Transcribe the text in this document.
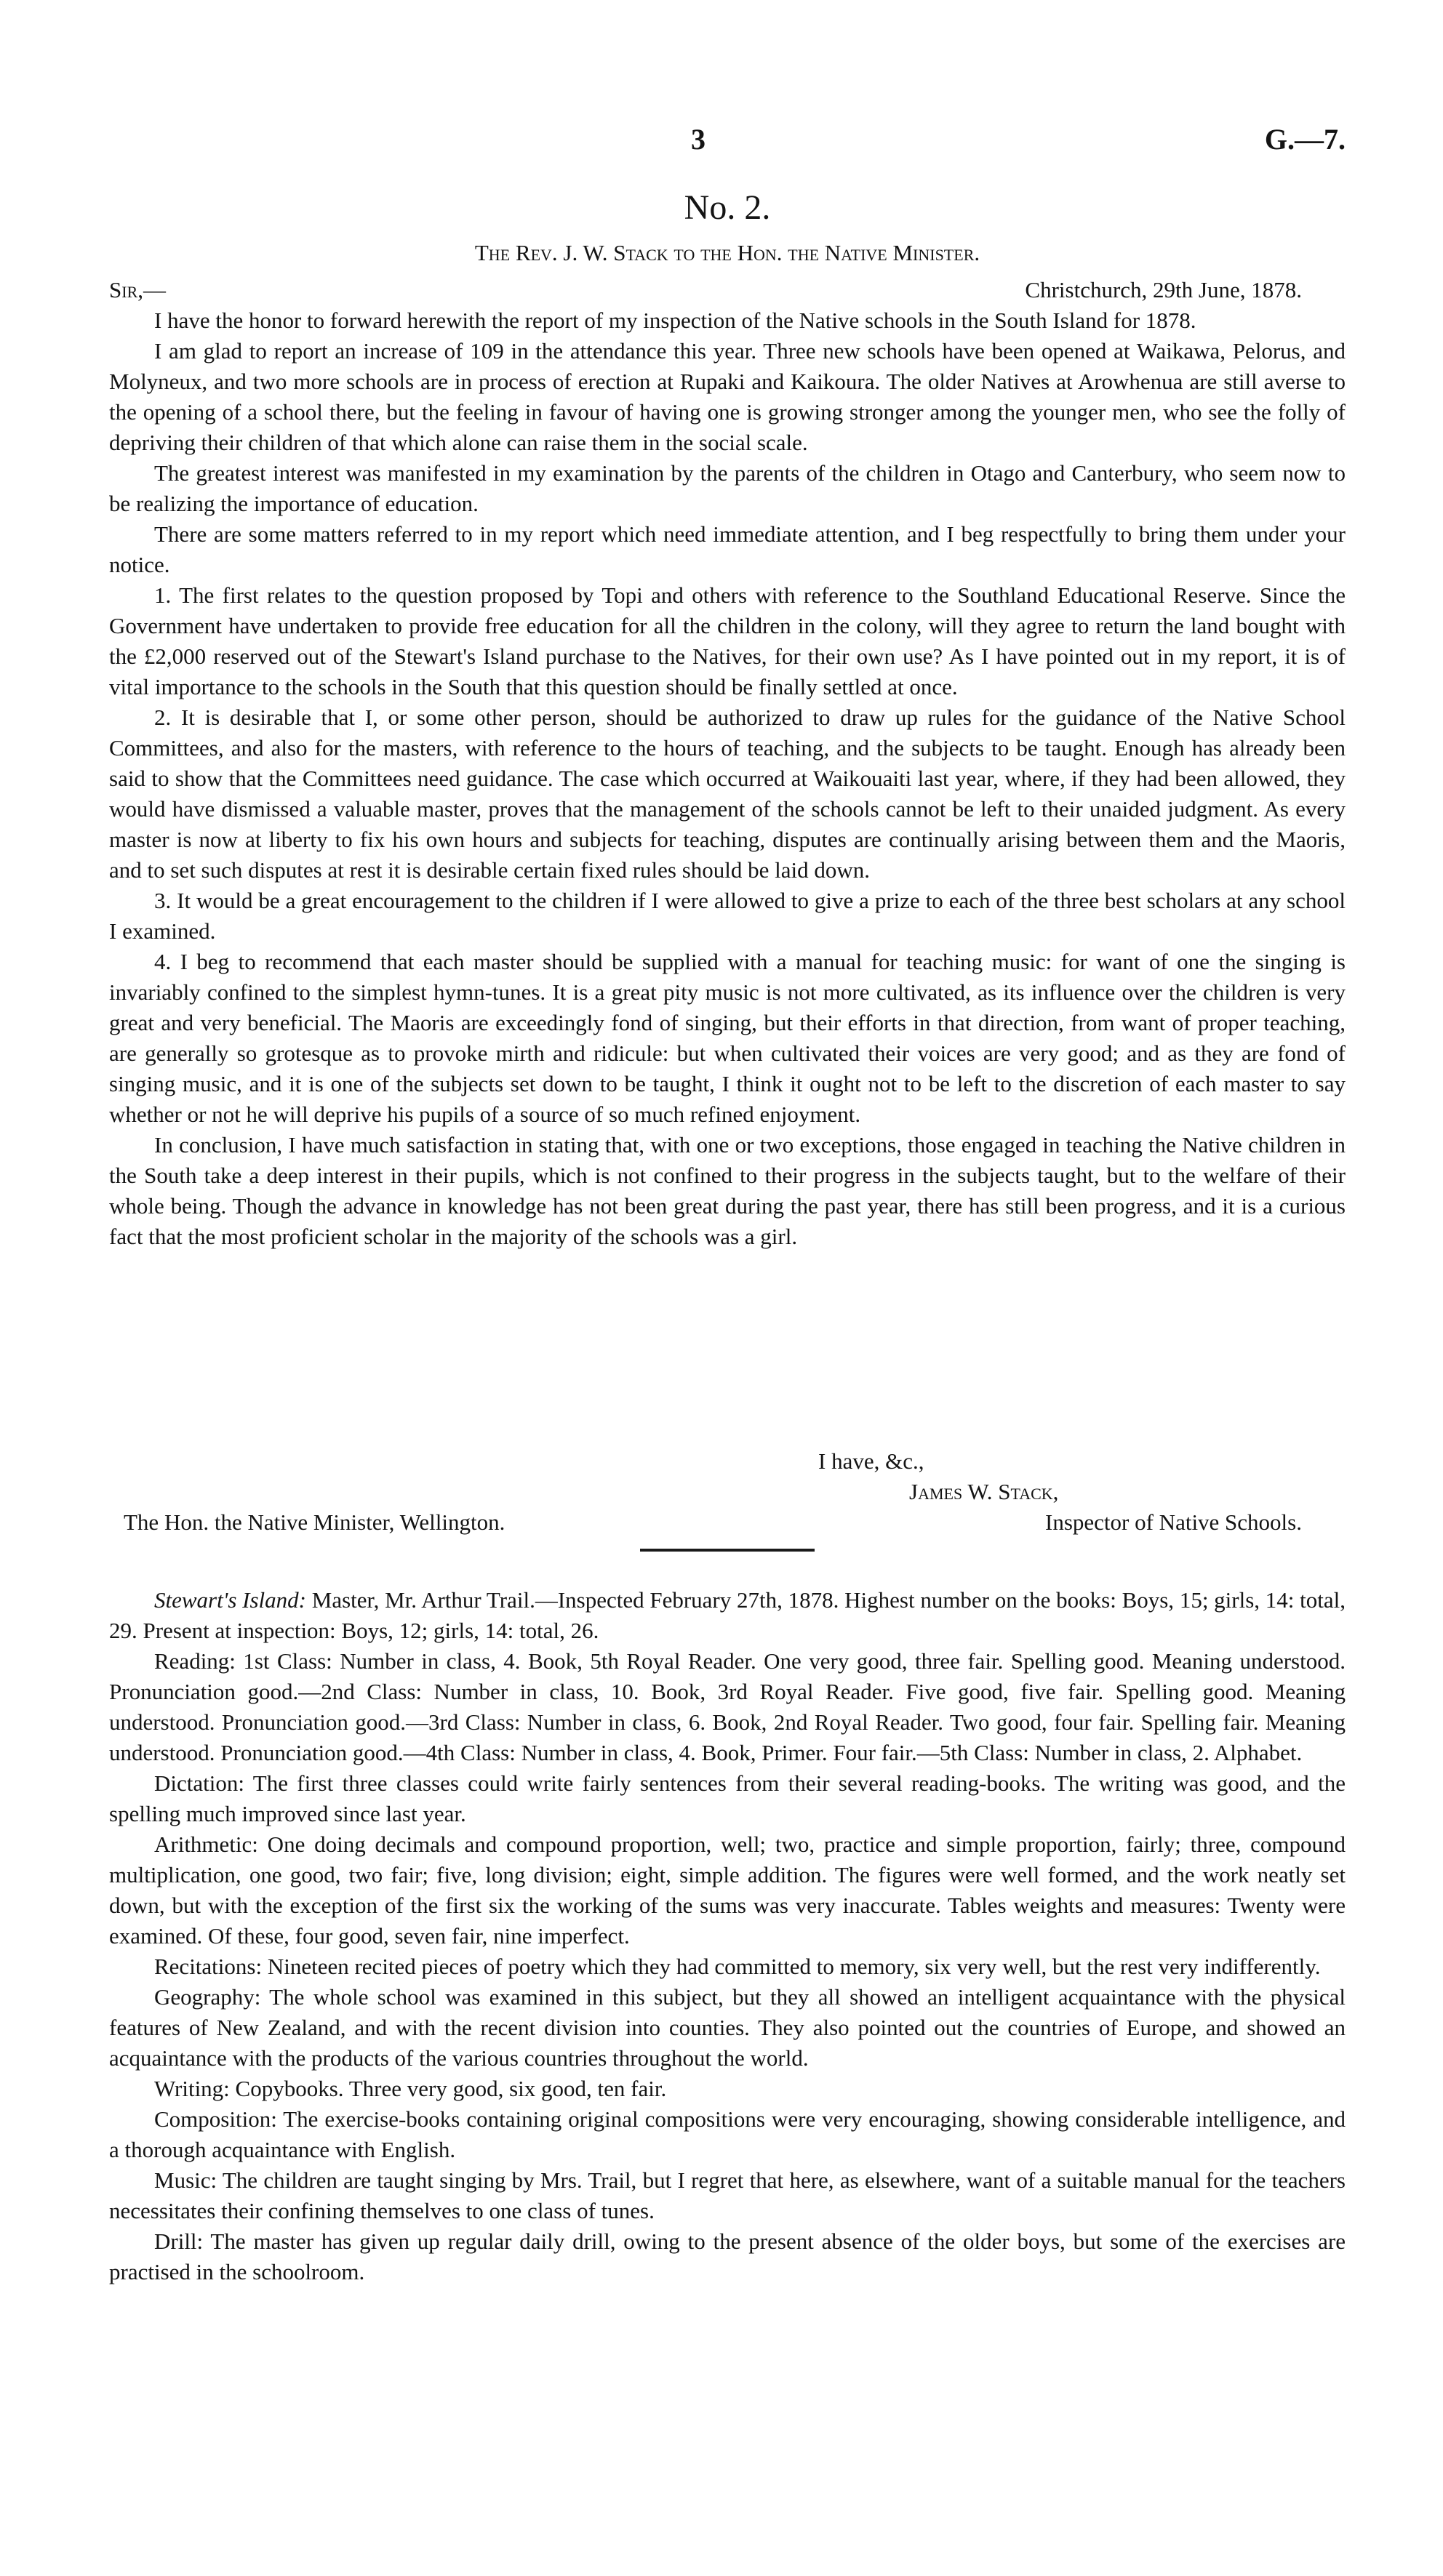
3	G.—7.
No. 2.
The Rev. J. W. Stack to the Hon. the Native Minister.
Sir,—	Christchurch, 29th June, 1878.

I have the honor to forward herewith the report of my inspection of the Native schools in the South Island for 1878.

I am glad to report an increase of 109 in the attendance this year. Three new schools have been opened at Waikawa, Pelorus, and Molyneux, and two more schools are in process of erection at Rupaki and Kaikoura. The older Natives at Arowhenua are still averse to the opening of a school there, but the feeling in favour of having one is growing stronger among the younger men, who see the folly of depriving their children of that which alone can raise them in the social scale.

The greatest interest was manifested in my examination by the parents of the children in Otago and Canterbury, who seem now to be realizing the importance of education.

There are some matters referred to in my report which need immediate attention, and I beg respectfully to bring them under your notice.

1. The first relates to the question proposed by Topi and others with reference to the Southland Educational Reserve. Since the Government have undertaken to provide free education for all the children in the colony, will they agree to return the land bought with the £2,000 reserved out of the Stewart's Island purchase to the Natives, for their own use? As I have pointed out in my report, it is of vital importance to the schools in the South that this question should be finally settled at once.

2. It is desirable that I, or some other person, should be authorized to draw up rules for the guidance of the Native School Committees, and also for the masters, with reference to the hours of teaching, and the subjects to be taught. Enough has already been said to show that the Committees need guidance. The case which occurred at Waikouaiti last year, where, if they had been allowed, they would have dismissed a valuable master, proves that the management of the schools cannot be left to their unaided judgment. As every master is now at liberty to fix his own hours and subjects for teaching, disputes are continually arising between them and the Maoris, and to set such disputes at rest it is desirable certain fixed rules should be laid down.

3. It would be a great encouragement to the children if I were allowed to give a prize to each of the three best scholars at any school I examined.

4. I beg to recommend that each master should be supplied with a manual for teaching music: for want of one the singing is invariably confined to the simplest hymn-tunes. It is a great pity music is not more cultivated, as its influence over the children is very great and very beneficial. The Maoris are exceedingly fond of singing, but their efforts in that direction, from want of proper teaching, are generally so grotesque as to provoke mirth and ridicule: but when cultivated their voices are very good; and as they are fond of singing music, and it is one of the subjects set down to be taught, I think it ought not to be left to the discretion of each master to say whether or not he will deprive his pupils of a source of so much refined enjoyment.

In conclusion, I have much satisfaction in stating that, with one or two exceptions, those engaged in teaching the Native children in the South take a deep interest in their pupils, which is not confined to their progress in the subjects taught, but to the welfare of their whole being. Though the advance in knowledge has not been great during the past year, there has still been progress, and it is a curious fact that the most proficient scholar in the majority of the schools was a girl.

I have, &c.,
James W. Stack,
The Hon. the Native Minister, Wellington.	Inspector of Native Schools.

Stewart's Island: Master, Mr. Arthur Trail.—Inspected February 27th, 1878. Highest number on the books: Boys, 15; girls, 14: total, 29. Present at inspection: Boys, 12; girls, 14: total, 26.

Reading: 1st Class: Number in class, 4. Book, 5th Royal Reader. One very good, three fair. Spelling good. Meaning understood. Pronunciation good.—2nd Class: Number in class, 10. Book, 3rd Royal Reader. Five good, five fair. Spelling good. Meaning understood. Pronunciation good.—3rd Class: Number in class, 6. Book, 2nd Royal Reader. Two good, four fair. Spelling fair. Meaning understood. Pronunciation good.—4th Class: Number in class, 4. Book, Primer. Four fair.—5th Class: Number in class, 2. Alphabet.

Dictation: The first three classes could write fairly sentences from their several reading-books. The writing was good, and the spelling much improved since last year.

Arithmetic: One doing decimals and compound proportion, well; two, practice and simple proportion, fairly; three, compound multiplication, one good, two fair; five, long division; eight, simple addition. The figures were well formed, and the work neatly set down, but with the exception of the first six the working of the sums was very inaccurate. Tables weights and measures: Twenty were examined. Of these, four good, seven fair, nine imperfect.

Recitations: Nineteen recited pieces of poetry which they had committed to memory, six very well, but the rest very indifferently.

Geography: The whole school was examined in this subject, but they all showed an intelligent acquaintance with the physical features of New Zealand, and with the recent division into counties. They also pointed out the countries of Europe, and showed an acquaintance with the products of the various countries throughout the world.

Writing: Copybooks. Three very good, six good, ten fair.

Composition: The exercise-books containing original compositions were very encouraging, showing considerable intelligence, and a thorough acquaintance with English.

Music: The children are taught singing by Mrs. Trail, but I regret that here, as elsewhere, want of a suitable manual for the teachers necessitates their confining themselves to one class of tunes.

Drill: The master has given up regular daily drill, owing to the present absence of the older boys, but some of the exercises are practised in the schoolroom.
